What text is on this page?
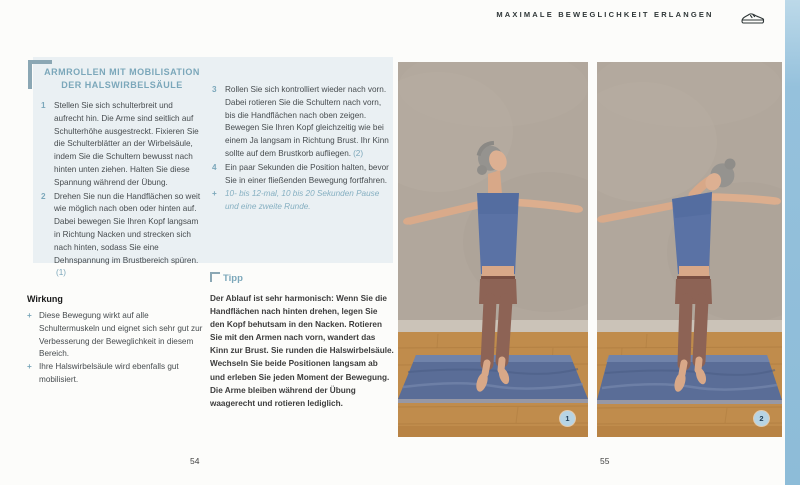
MAXIMALE BEWEGLICHKEIT ERLANGEN
ARMROLLEN MIT MOBILISATION
DER HALSWIRBELSÄULE
1	Stellen Sie sich schulterbreit und aufrecht hin. Die Arme sind seitlich auf Schulterhöhe ausgestreckt. Fixieren Sie die Schulterblätter an der Wirbelsäule, indem Sie die Schultern bewusst nach hinten unten ziehen. Halten Sie diese Spannung während der Übung.
2	Drehen Sie nun die Handflächen so weit wie möglich nach oben oder hinten auf. Dabei bewegen Sie Ihren Kopf langsam in Richtung Nacken und strecken sich nach hinten, sodass Sie eine Dehnspannung im Brustbereich spüren.(1)
3	Rollen Sie sich kontrolliert wieder nach vorn. Dabei rotieren Sie die Schultern nach vorn, bis die Handflächen nach oben zeigen. Bewegen Sie Ihren Kopf gleichzeitig wie bei einem Ja langsam in Richtung Brust. Ihr Kinn sollte auf dem Brustkorb aufliegen. (2)
4	Ein paar Sekunden die Position halten, bevor Sie in einer fließenden Bewegung fortfahren.
+	10- bis 12-mal, 10 bis 20 Sekunden Pause und eine zweite Runde.
Wirkung
+ Diese Bewegung wirkt auf alle Schultermuskeln und eignet sich sehr gut zur Verbesserung der Beweglichkeit in diesem Bereich.
+ Ihre Halswirbelsäule wird ebenfalls gut mobilisiert.
Tipp

Der Ablauf ist sehr harmonisch: Wenn Sie die Handflächen nach hinten drehen, legen Sie den Kopf behutsam in den Nacken. Rotieren Sie mit den Armen nach vorn, wandert das Kinn zur Brust. Sie runden die Halswirbelsäule.

Wechseln Sie beide Positionen langsam ab und erleben Sie jeden Moment der Bewegung. Die Arme bleiben während der Übung waagerecht und rotieren lediglich.

1	2
54	55
